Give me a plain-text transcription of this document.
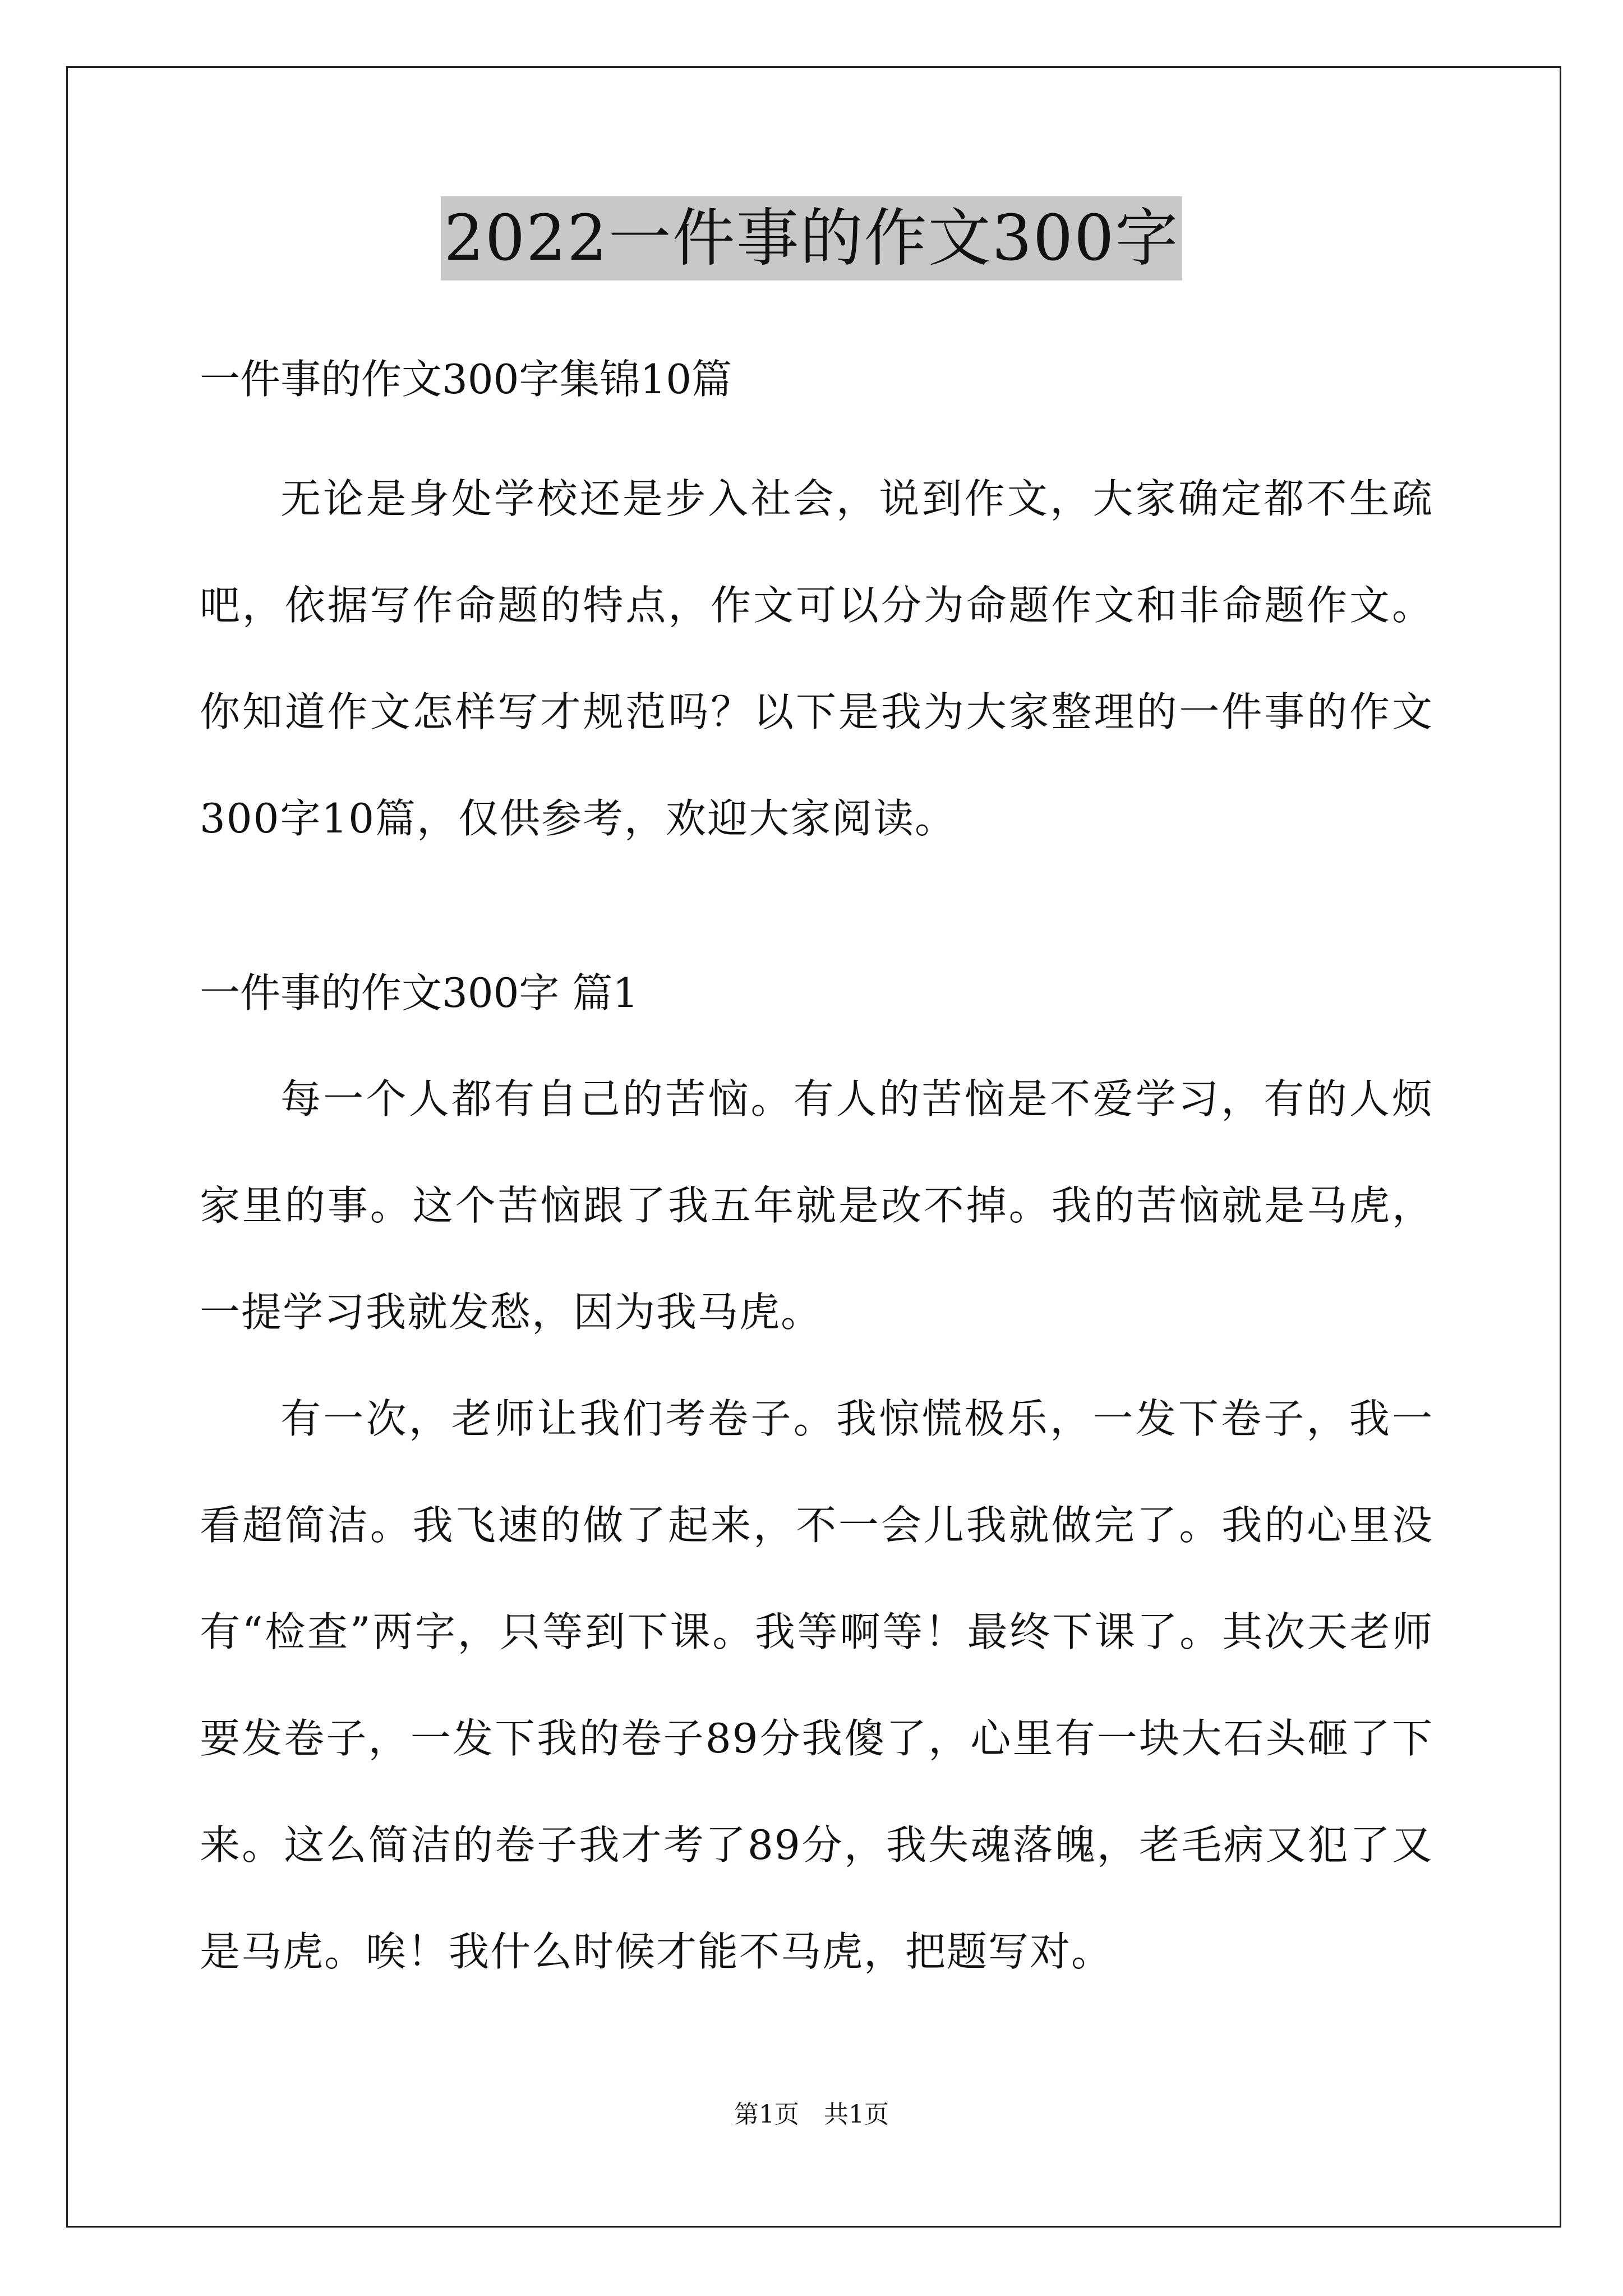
2022一件事的作文300字

一件事的作文300字集锦10篇

无论是身处学校还是步入社会，说到作文，大家确定都不生疏吧，依据写作命题的特点，作文可以分为命题作文和非命题作文。你知道作文怎样写才规范吗？以下是我为大家整理的一件事的作文300字10篇，仅供参考，欢迎大家阅读。

一件事的作文300字 篇1

每一个人都有自己的苦恼。有人的苦恼是不爱学习，有的人烦家里的事。这个苦恼跟了我五年就是改不掉。我的苦恼就是马虎，一提学习我就发愁，因为我马虎。

有一次，老师让我们考卷子。我惊慌极乐，一发下卷子，我一看超简洁。我飞速的做了起来，不一会儿我就做完了。我的心里没有“检查”两字，只等到下课。我等啊等！最终下课了。其次天老师要发卷子，一发下我的卷子89分我傻了，心里有一块大石头砸了下来。这么简洁的卷子我才考了89分，我失魂落魄，老毛病又犯了又是马虎。唉！我什么时候才能不马虎，把题写对。

第1页　共1页
